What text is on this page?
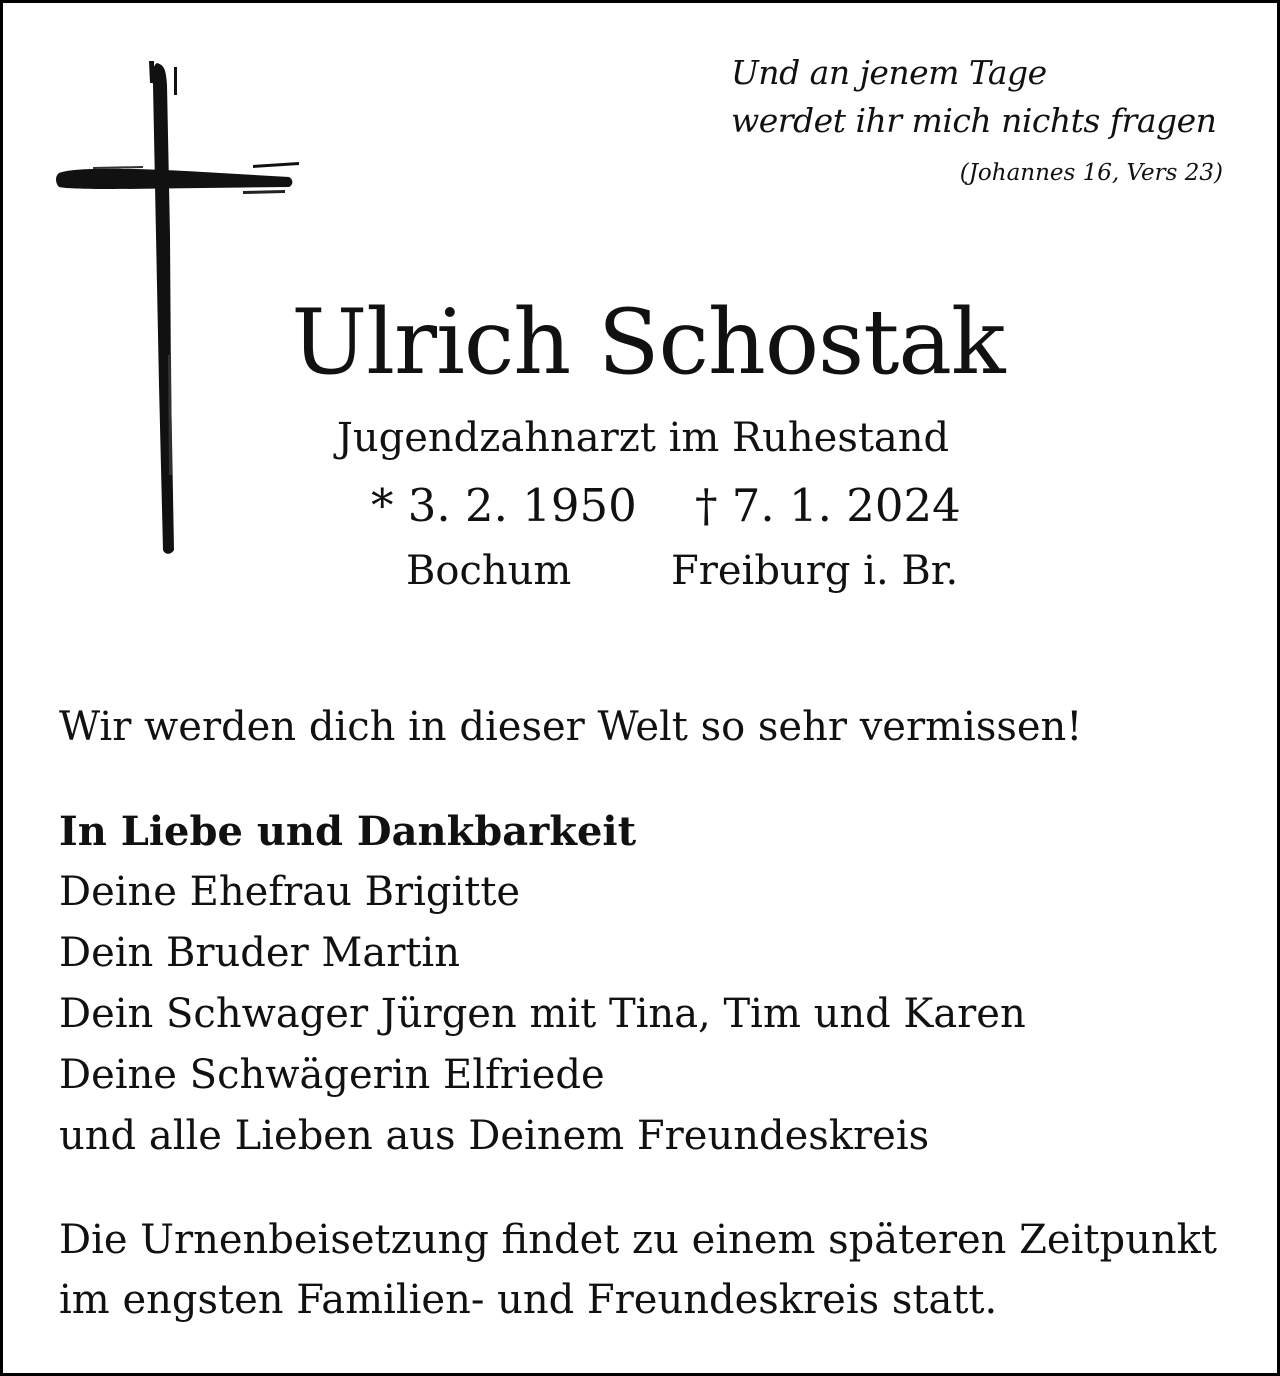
Und an jenem Tage
werdet ihr mich nichts fragen
(Johannes 16, Vers 23)
Ulrich Schostak
Jugendzahnarzt im Ruhestand
* 3. 2. 1950 † 7. 1. 2024
Bochum Freiburg i. Br.
Wir werden dich in dieser Welt so sehr vermissen!
In Liebe und Dankbarkeit
Deine Ehefrau Brigitte
Dein Bruder Martin
Dein Schwager Jürgen mit Tina, Tim und Karen
Deine Schwägerin Elfriede
und alle Lieben aus Deinem Freundeskreis
Die Urnenbeisetzung findet zu einem späteren Zeitpunkt
im engsten Familien- und Freundeskreis statt.
